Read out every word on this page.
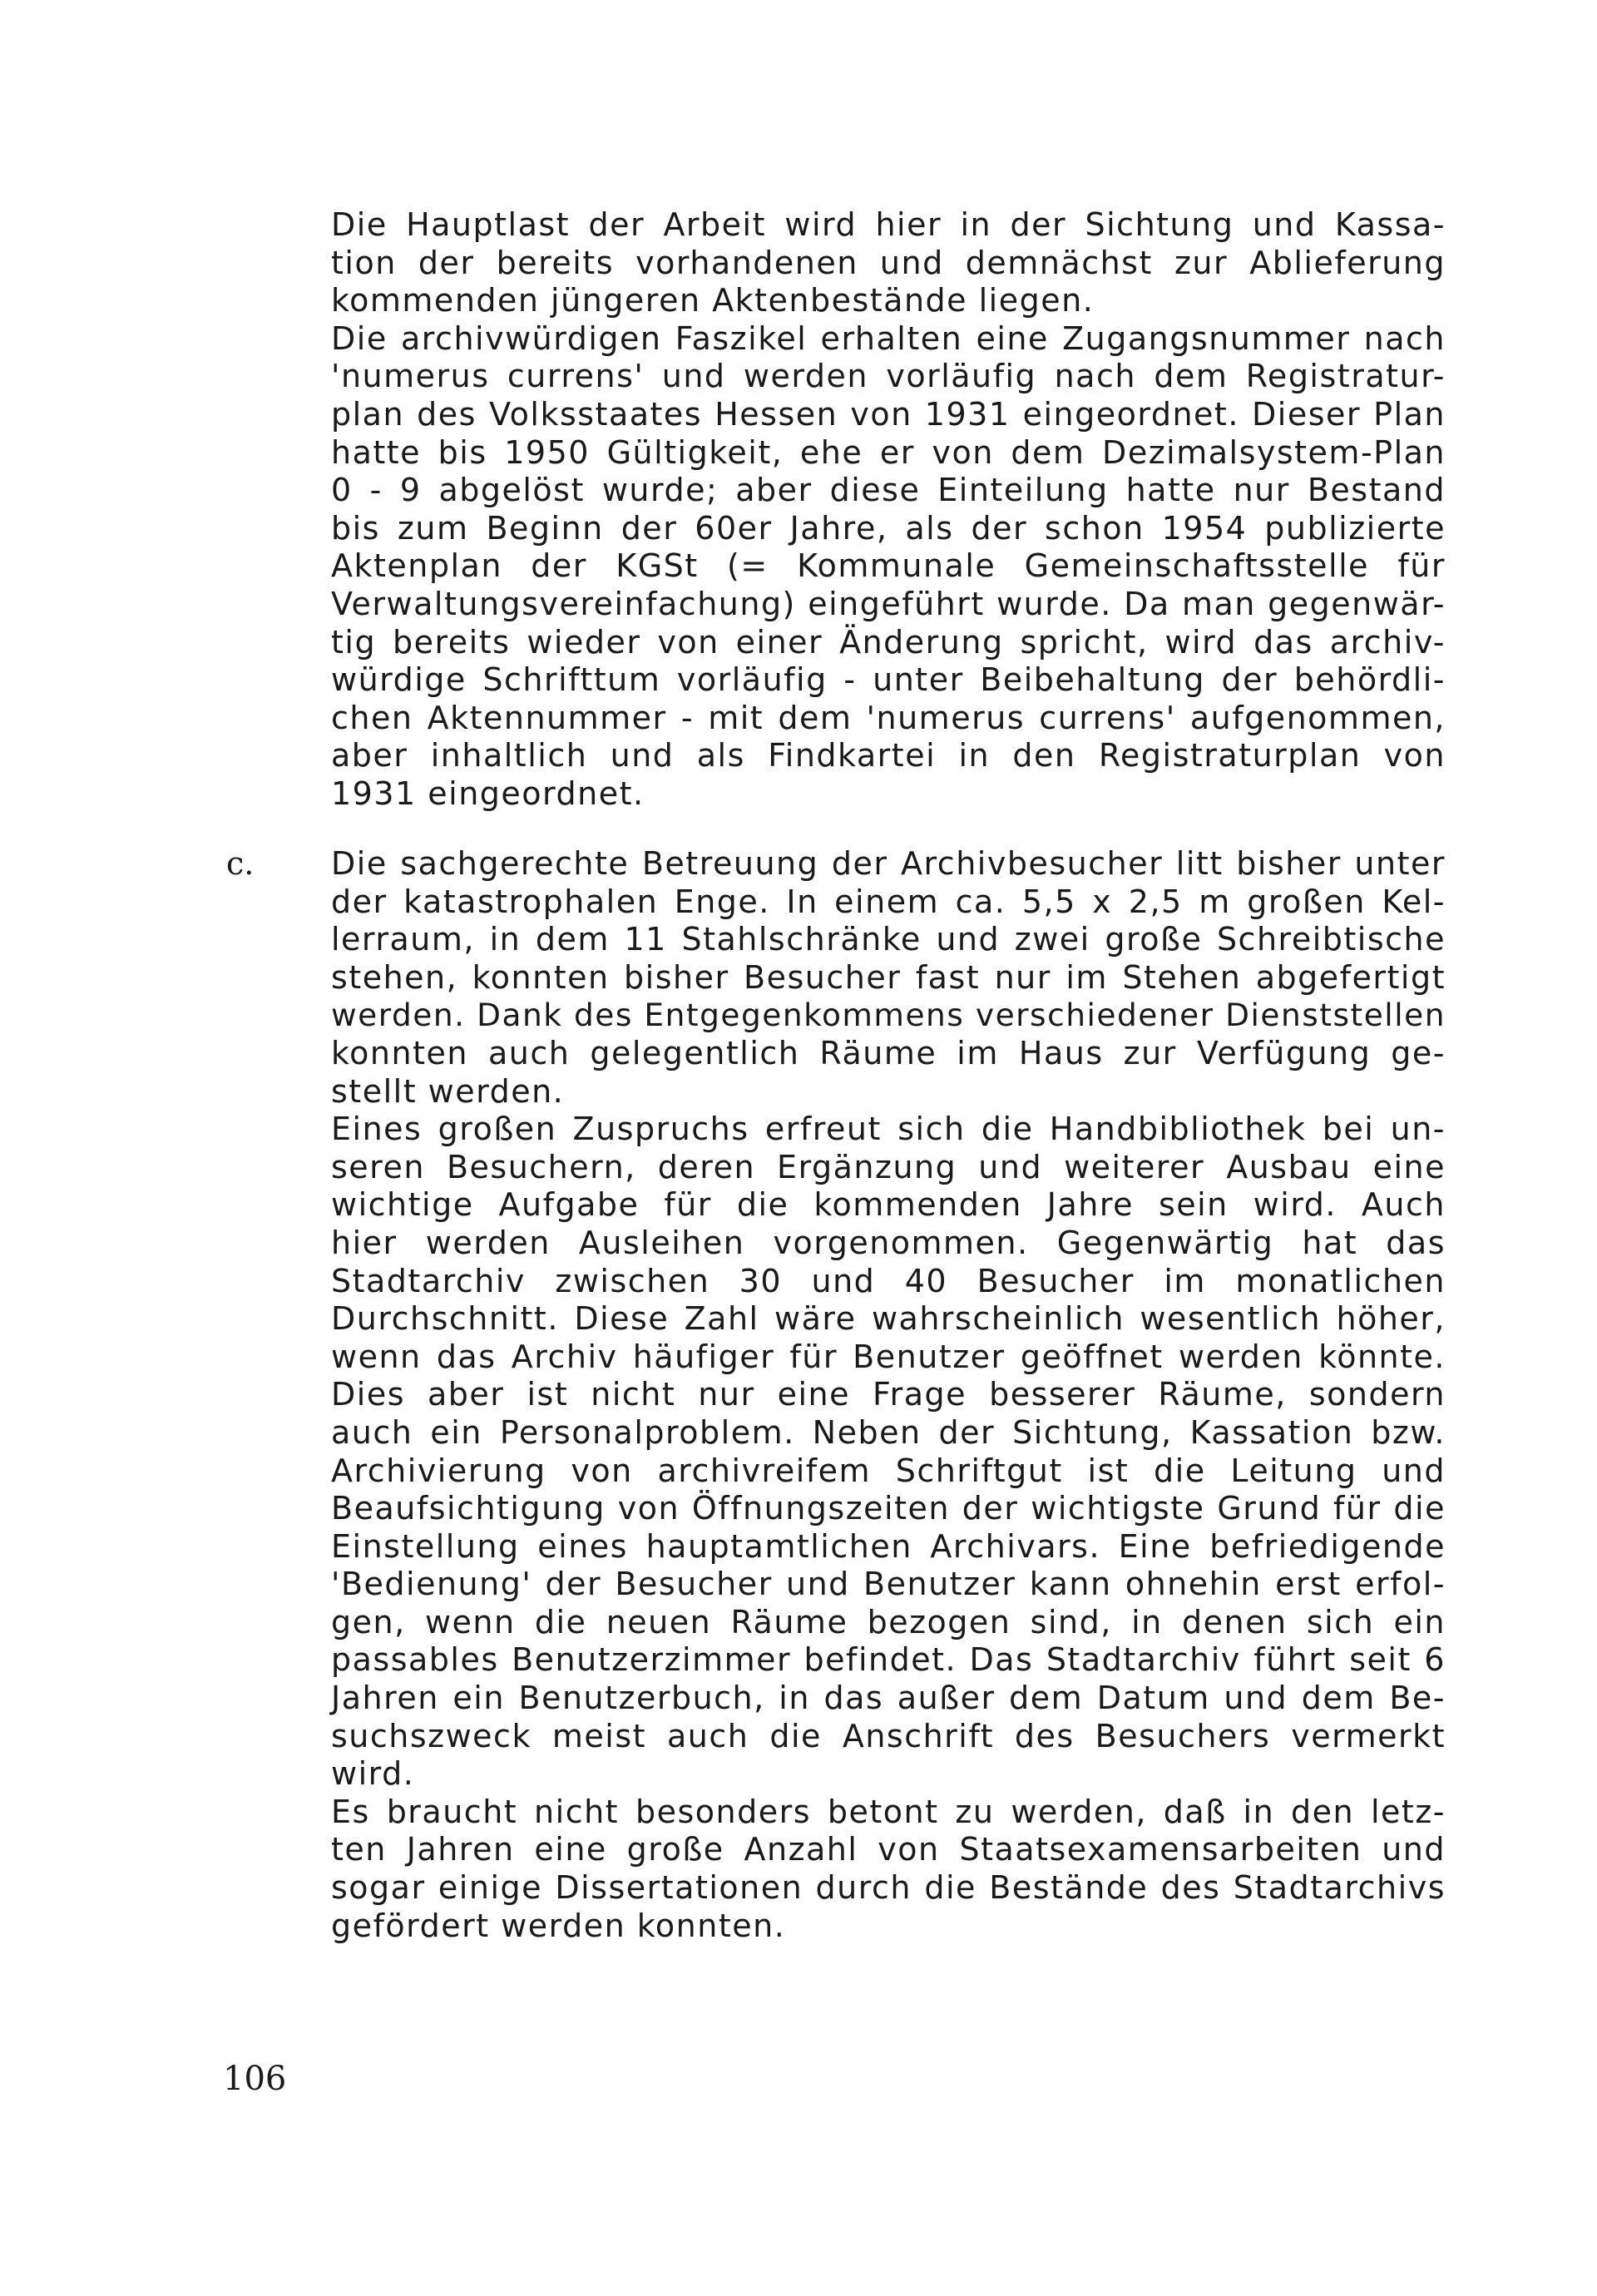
Die Hauptlast der Arbeit wird hier in der Sichtung und Kassa-
tion der bereits vorhandenen und demnächst zur Ablieferung
kommenden jüngeren Aktenbestände liegen.
Die archivwürdigen Faszikel erhalten eine Zugangsnummer nach
'numerus currens' und werden vorläufig nach dem Registratur-
plan des Volksstaates Hessen von 1931 eingeordnet. Dieser Plan
hatte bis 1950 Gültigkeit, ehe er von dem Dezimalsystem-Plan
0 - 9 abgelöst wurde; aber diese Einteilung hatte nur Bestand
bis zum Beginn der 60er Jahre, als der schon 1954 publizierte
Aktenplan der KGSt (= Kommunale Gemeinschaftsstelle für
Verwaltungsvereinfachung) eingeführt wurde. Da man gegenwär-
tig bereits wieder von einer Änderung spricht, wird das archiv-
würdige Schrifttum vorläufig - unter Beibehaltung der behördli-
chen Aktennummer - mit dem 'numerus currens' aufgenommen,
aber inhaltlich und als Findkartei in den Registraturplan von
1931 eingeordnet.
c. Die sachgerechte Betreuung der Archivbesucher litt bisher unter
der katastrophalen Enge. In einem ca. 5,5 x 2,5 m großen Kel-
lerraum, in dem 11 Stahlschränke und zwei große Schreibtische
stehen, konnten bisher Besucher fast nur im Stehen abgefertigt
werden. Dank des Entgegenkommens verschiedener Dienststellen
konnten auch gelegentlich Räume im Haus zur Verfügung ge-
stellt werden.
Eines großen Zuspruchs erfreut sich die Handbibliothek bei un-
seren Besuchern, deren Ergänzung und weiterer Ausbau eine
wichtige Aufgabe für die kommenden Jahre sein wird. Auch
hier werden Ausleihen vorgenommen. Gegenwärtig hat das
Stadtarchiv zwischen 30 und 40 Besucher im monatlichen
Durchschnitt. Diese Zahl wäre wahrscheinlich wesentlich höher,
wenn das Archiv häufiger für Benutzer geöffnet werden könnte.
Dies aber ist nicht nur eine Frage besserer Räume, sondern
auch ein Personalproblem. Neben der Sichtung, Kassation bzw.
Archivierung von archivreifem Schriftgut ist die Leitung und
Beaufsichtigung von Öffnungszeiten der wichtigste Grund für die
Einstellung eines hauptamtlichen Archivars. Eine befriedigende
'Bedienung' der Besucher und Benutzer kann ohnehin erst erfol-
gen, wenn die neuen Räume bezogen sind, in denen sich ein
passables Benutzerzimmer befindet. Das Stadtarchiv führt seit 6
Jahren ein Benutzerbuch, in das außer dem Datum und dem Be-
suchszweck meist auch die Anschrift des Besuchers vermerkt
wird.
Es braucht nicht besonders betont zu werden, daß in den letz-
ten Jahren eine große Anzahl von Staatsexamensarbeiten und
sogar einige Dissertationen durch die Bestände des Stadtarchivs
gefördert werden konnten.
106
